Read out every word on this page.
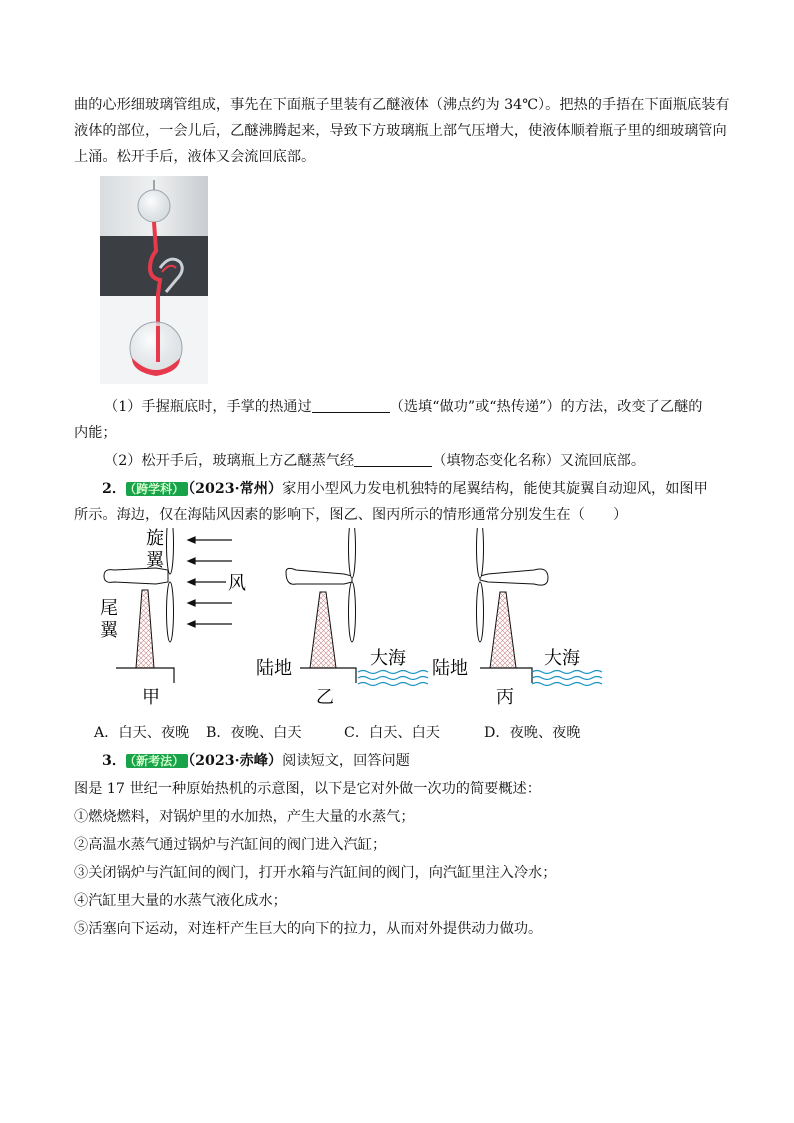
曲的心形细玻璃管组成，事先在下面瓶子里装有乙醚液体（沸点约为 34℃）。把热的手捂在下面瓶底装有
液体的部位，一会儿后，乙醚沸腾起来，导致下方玻璃瓶上部气压增大，使液体顺着瓶子里的细玻璃管向
上涌。松开手后，液体又会流回底部。
（1）手握瓶底时，手掌的热通过	（选填“做功”或“热传递”）的方法，改变了乙醚的
内能；
（2）松开手后，玻璃瓶上方乙醚蒸气经	（填物态变化名称）又流回底部。
2． （跨学科） （2023·常州）家用小型风力发电机独特的尾翼结构，能使其旋翼自动迎风，如图甲
所示。海边，仅在海陆风因素的影响下，图乙、图丙所示的情形通常分别发生在（　　）
旋
翼
风
尾
翼
甲
陆地	大海
乙
陆地	大海
丙
A．白天、夜晚 B．夜晚、白天	C．白天、白天	D．夜晚、夜晚
3． （新考法） （2023·赤峰）阅读短文，回答问题
图是 17 世纪一种原始热机的示意图，以下是它对外做一次功的简要概述：
①燃烧燃料，对锅炉里的水加热，产生大量的水蒸气；
②高温水蒸气通过锅炉与汽缸间的阀门进入汽缸；
③关闭锅炉与汽缸间的阀门，打开水箱与汽缸间的阀门，向汽缸里注入冷水；
④汽缸里大量的水蒸气液化成水；
⑤活塞向下运动，对连杆产生巨大的向下的拉力，从而对外提供动力做功。
